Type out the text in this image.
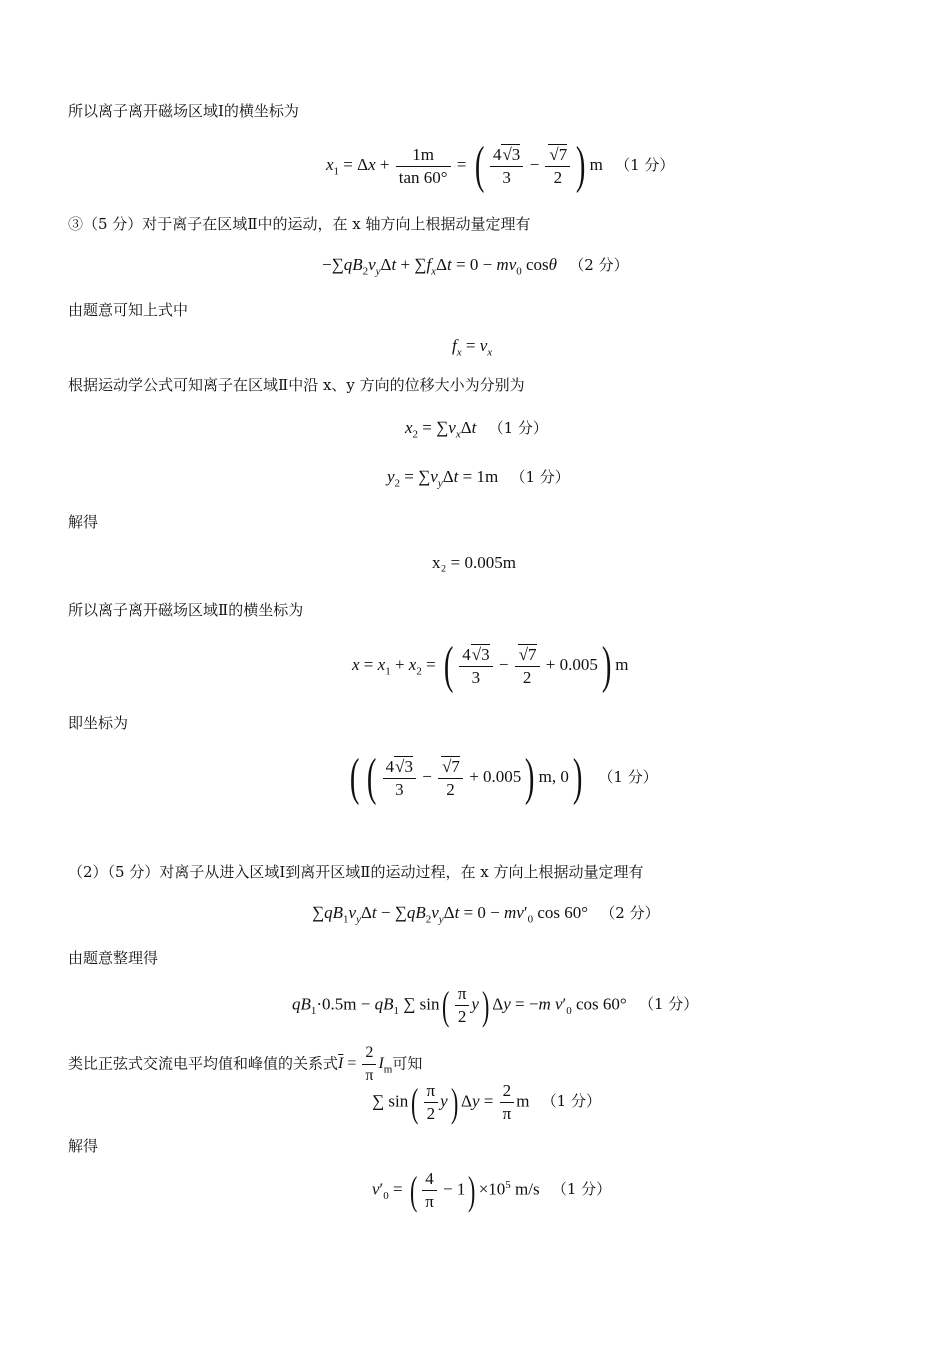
所以离子离开磁场区域Ⅰ的横坐标为
$x_1 = \Delta x + \frac{1m}{\tan 60^\circ}$ = ( $\frac{4√3}{3} - \frac{√7}{2}$ ) m （1 分）
③（5 分）对于离子在区域Ⅱ中的运动，在 x 轴方向上根据动量定理有
$-\sum qB_2v_y\Delta t + \sum f_x\Delta t = 0 - mv_0$ cosθ （2 分）
由题意可知上式中
$f_x = v_x$
根据运动学公式可知离子在区域Ⅱ中沿 x、y 方向的位移大小为分别为
$x_2 = \sum v_x\Delta t$ （1 分）
$y_2 = \sum v_y\Delta t = 1m$ （1 分）
解得
x₂ = 0.005m
所以离子离开磁场区域Ⅱ的横坐标为
$x = x_1 + x_2$ = ( $\frac{4√3}{3} - \frac{√7}{2} + 0.005$) m
即坐标为
( ( $\frac{4√3}{3} - \frac{√7}{2} + 0.005$) m, 0) （1 分）
（2）（5 分）对离子从进入区域Ⅰ到离开区域Ⅱ的运动过程，在 x 方向上根据动量定理有
$\sum qB_1v_y\Delta t - \sum qB_2v_y\Delta t = 0 - mv'_0$ cos 60° （2 分）
由题意整理得
$qB_1\cdot 0.5m - qB_1$ ∑ $\sin( \frac{\pi}{2} y)$ Δy = −m $v'_0$ cos 60° （1 分）
类比正弦式交流电平均值和峰值的关系式$\overline{I} = \frac{2}{\pi} I_m$可知
∑ $\sin( \frac{\pi}{2} y)$ $\Delta y = \frac{2}{\pi}$ m （1 分）
解得
$v'_0$ = ( $\frac{4}{\pi} - 1) \times 10^5$ m/s （1 分）
